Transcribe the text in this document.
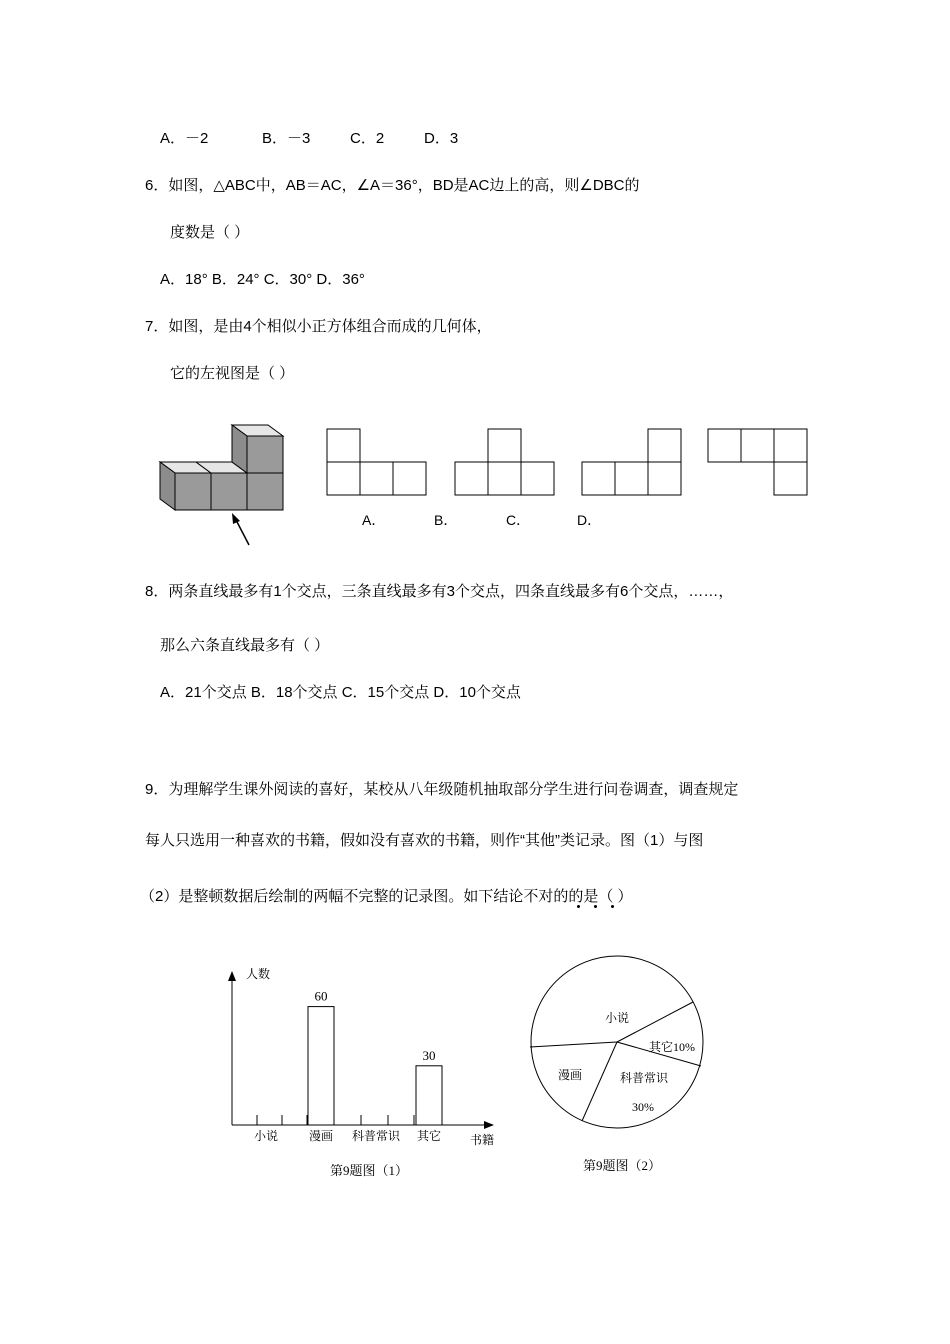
A．－2	B．－3	C．2	D．3
6．如图，△ABC中，AB＝AC，∠A＝36°，BD是AC边上的高，则∠DBC的
度数是（ ）
A．18° B．24° C．30° D．36°
7．如图，是由4个相似小正方体组合而成的几何体，
它的左视图是（ ）
A．	B．	C．	D．
8．两条直线最多有1个交点，三条直线最多有3个交点，四条直线最多有6个交点，……，
那么六条直线最多有（ ）
A．21个交点 B．18个交点 C．15个交点 D．10个交点
9．为理解学生课外阅读的喜好，某校从八年级随机抽取部分学生进行问卷调查，调查规定
每人只选用一种喜欢的书籍，假如没有喜欢的书籍，则作“其他”类记录。图（1）与图
（2）是整顿数据后绘制的两幅不完整的记录图。如下结论不对的的是（ ）
人数
书籍
60
30
小说	漫画 科普常识 其它
第9题图（1）
小说
其它10%
科普常识
30%
漫画
第9题图（2）
